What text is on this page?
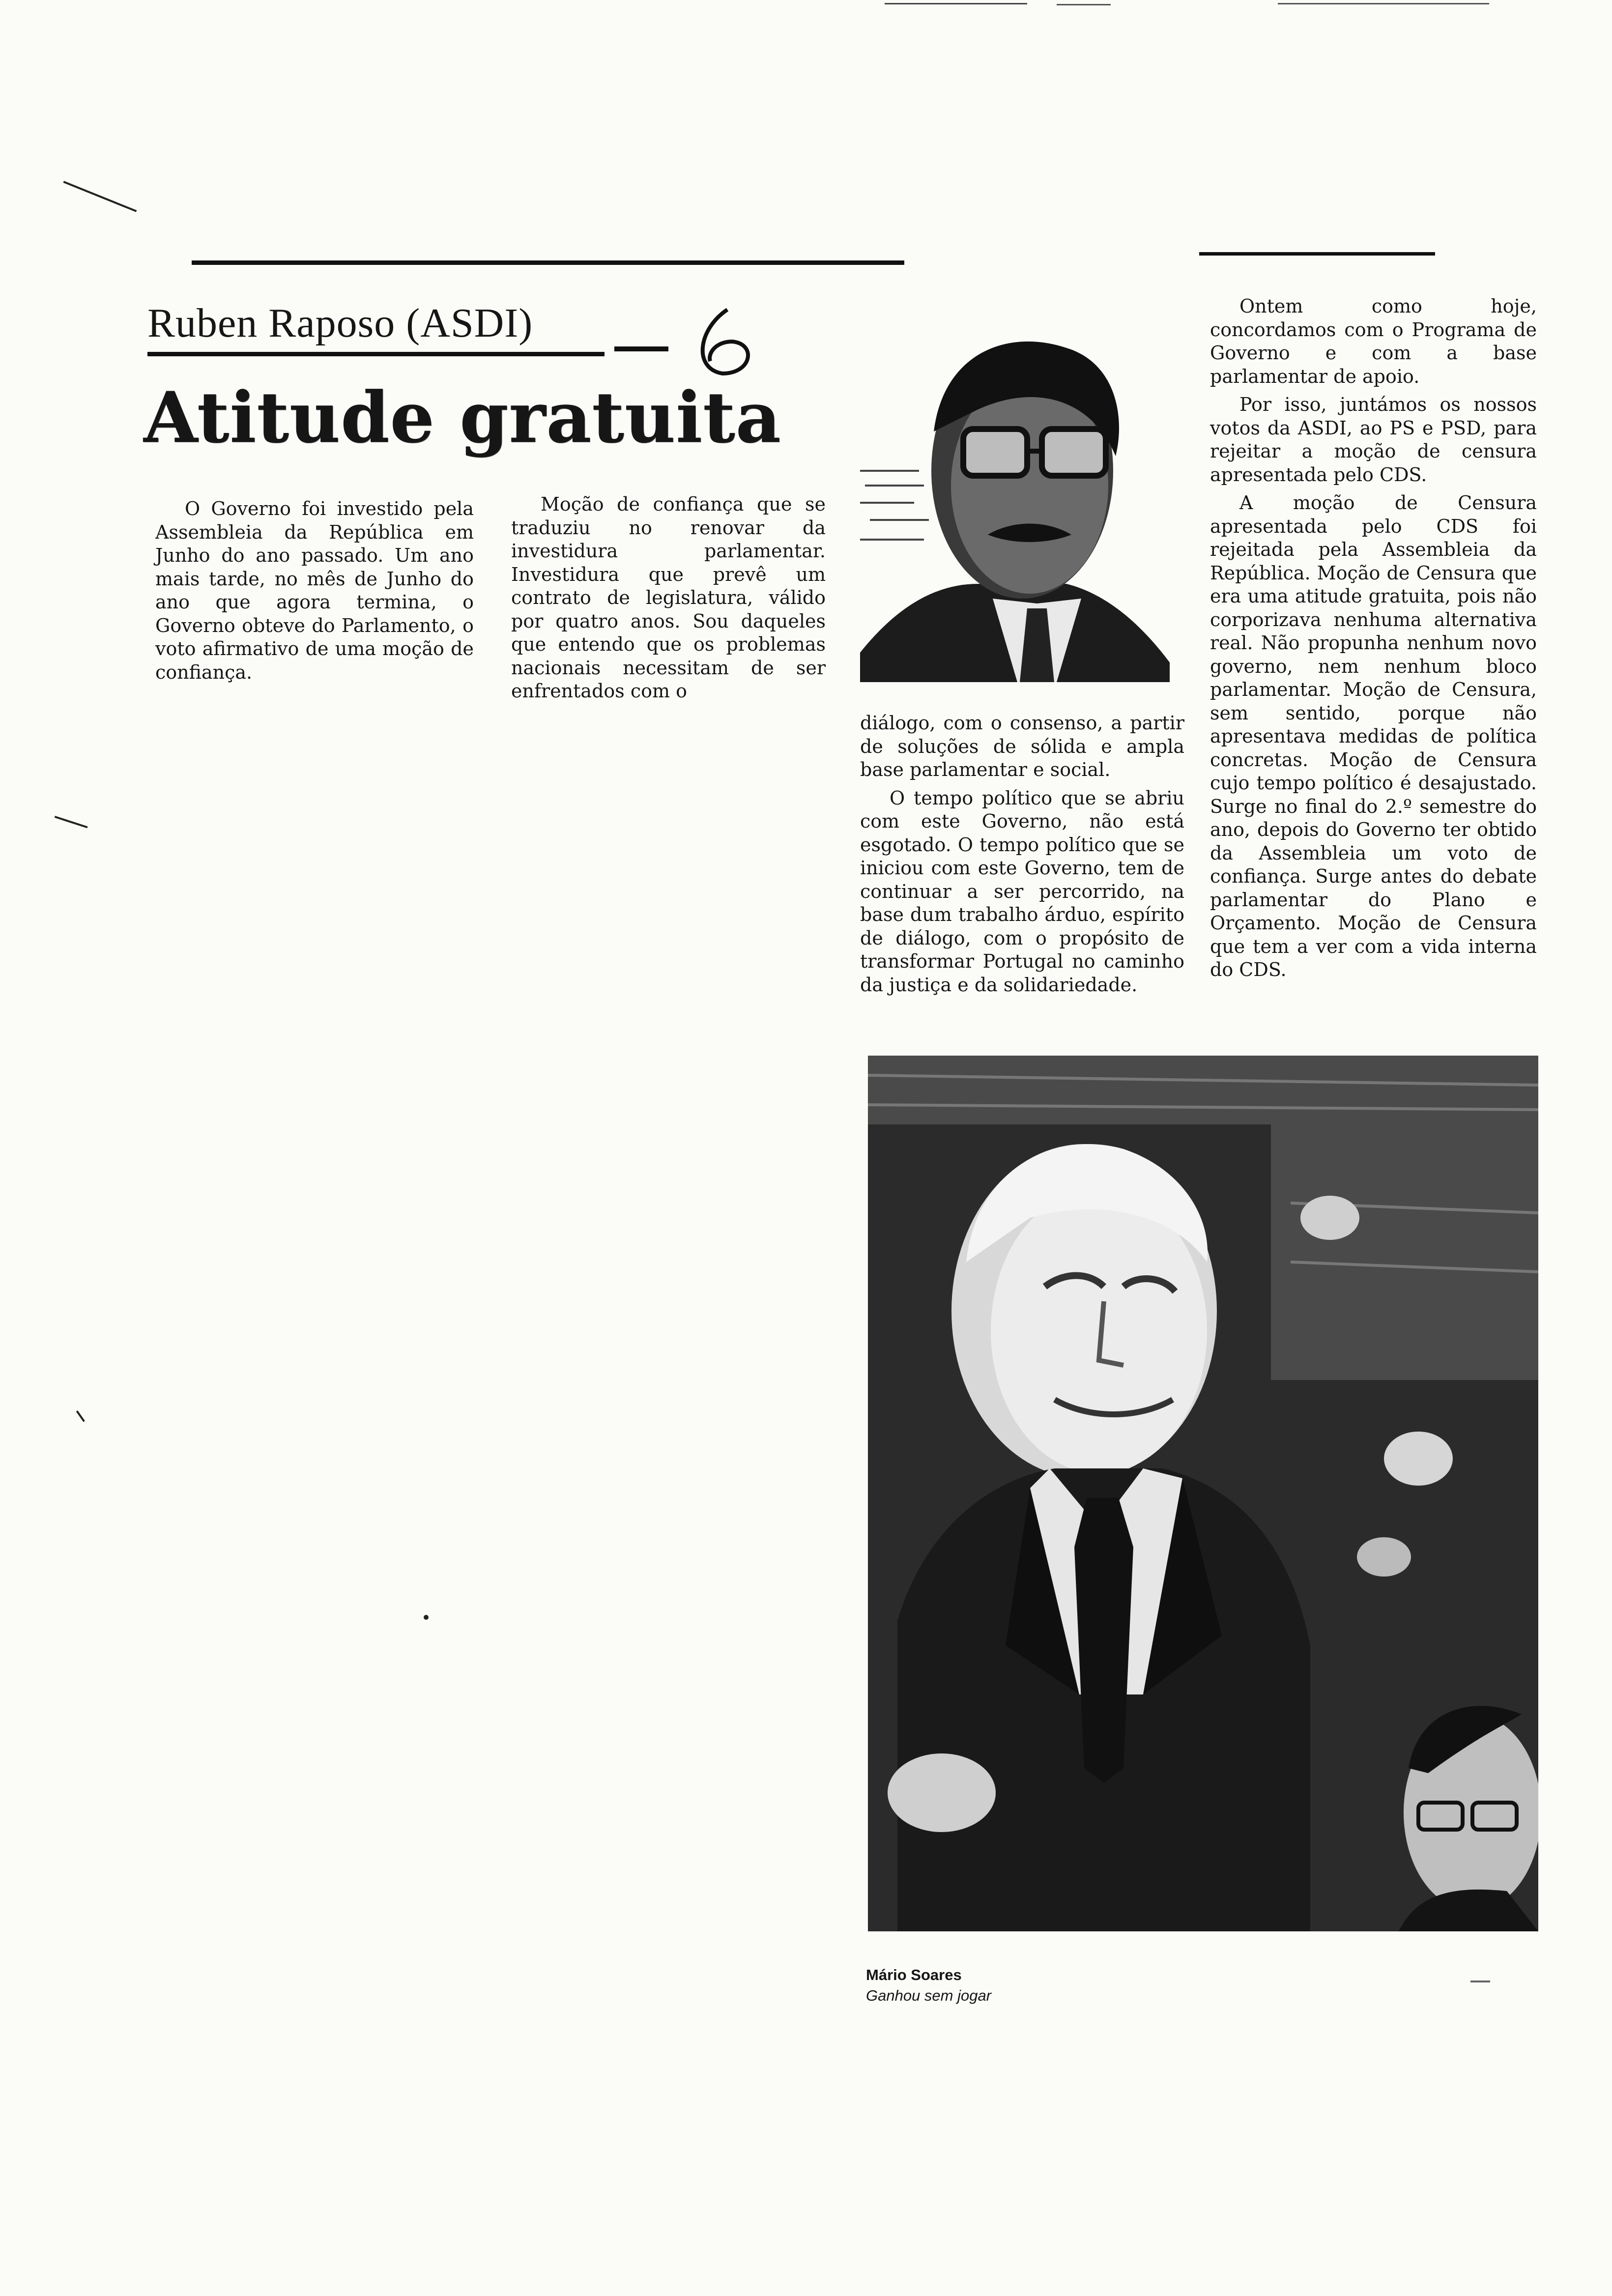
Ruben Raposo (ASDI)
6
Atitude gratuita

O Governo foi investido pela Assembleia da República em Junho do ano passado. Um ano mais tarde, no mês de Junho do ano que agora termina, o Governo obteve do Parlamento, o voto afirmativo de uma moção de confiança.

Moção de confiança que se traduziu no renovar da investidura parlamentar. Investidura que prevê um contrato de legislatura, válido por quatro anos. Sou daqueles que entendo que os problemas nacionais necessitam de ser enfrentados com o

diálogo, com o consenso, a partir de soluções de sólida e ampla base parlamentar e social.

O tempo político que se abriu com este Governo, não está esgotado. O tempo político que se iniciou com este Governo, tem de continuar a ser percorrido, na base dum trabalho árduo, espírito de diálogo, com o propósito de transformar Portugal no caminho da justiça e da solidariedade.

Ontem como hoje, concordamos com o Programa de Governo e com a base parlamentar de apoio.

Por isso, juntámos os nossos votos da ASDI, ao PS e PSD, para rejeitar a moção de censura apresentada pelo CDS.

A moção de Censura apresentada pelo CDS foi rejeitada pela Assembleia da República. Moção de Censura que era uma atitude gratuita, pois não corporizava nenhuma alternativa real. Não propunha nenhum novo governo, nem nenhum bloco parlamentar. Moção de Censura, sem sentido, porque não apresentava medidas de política concretas. Moção de Censura cujo tempo político é desajustado. Surge no final do 2.º semestre do ano, depois do Governo ter obtido da Assembleia um voto de confiança. Surge antes do debate parlamentar do Plano e Orçamento. Moção de Censura que tem a ver com a vida interna do CDS.

Mário Soares
Ganhou sem jogar
